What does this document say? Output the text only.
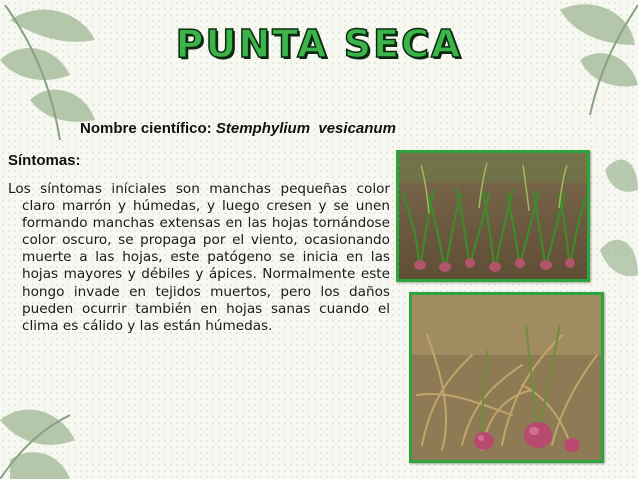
PUNTA SECA
Nombre científico: Stemphylium  vesicanum
Síntomas:

Los síntomas iníciales son manchas pequeñas color claro marrón y húmedas, y luego cresen y se unen formando manchas extensas en las hojas tornándose color oscuro, se propaga por el viento, ocasionando muerte a las hojas, este patógeno se inicia en las hojas mayores y débiles y ápices. Normalmente este hongo invade en tejidos muertos, pero los daños pueden ocurrir también en hojas sanas cuando el clima es cálido y las están húmedas.
